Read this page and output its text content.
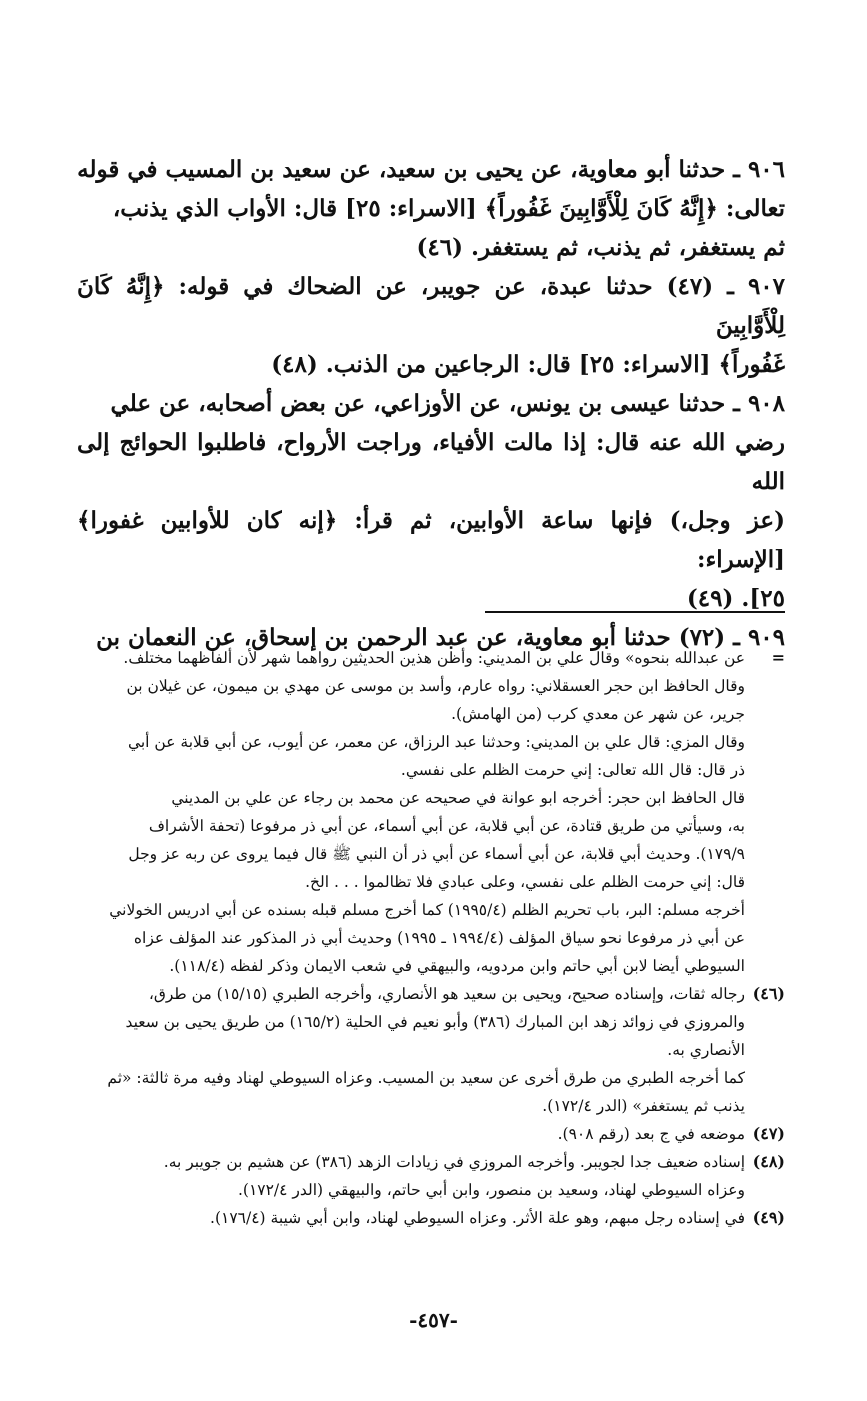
٩٠٦ ـ حدثنا أبو معاوية، عن يحيى بن سعيد، عن سعيد بن المسيب في قوله

تعالى: ﴿إِنَّهُ كَانَ لِلْأَوَّابِينَ غَفُوراً﴾ [الاسراء: ٢٥] قال: الأواب الذي يذنب،

ثم يستغفر، ثم يذنب، ثم يستغفر. (٤٦)

٩٠٧ ـ (٤٧) حدثنا عبدة، عن جويبر، عن الضحاك في قوله: ﴿إِنَّهُ كَانَ لِلْأَوَّابِينَ

غَفُوراً﴾ [الاسراء: ٢٥] قال: الرجاعين من الذنب. (٤٨)

٩٠٨ ـ حدثنا عيسى بن يونس، عن الأوزاعي، عن بعض أصحابه، عن علي

رضي الله عنه قال: إذا مالت الأفياء، وراجت الأرواح، فاطلبوا الحوائج إلى الله

(عز وجل،) فإنها ساعة الأوابين، ثم قرأ: ﴿إنه كان للأوابين غفورا﴾ [الإسراء:

٢٥]. (٤٩)

٩٠٩ ـ (٧٢) حدثنا أبو معاوية، عن عبد الرحمن بن إسحاق، عن النعمان بن

=

عن عبدالله بنحوه» وقال علي بن المديني: وأظن هذين الحديثين رواهما شهر لأن ألفاظهما مختلف.

وقال الحافظ ابن حجر العسقلاني: رواه عارم، وأسد بن موسى عن مهدي بن ميمون، عن غيلان بن

جرير، عن شهر عن معدي كرب (من الهامش).

وقال المزي: قال علي بن المديني: وحدثنا عبد الرزاق، عن معمر، عن أيوب، عن أبي قلابة عن أبي

ذر قال: قال الله تعالى: إني حرمت الظلم على نفسي.

قال الحافظ ابن حجر: أخرجه ابو عوانة في صحيحه عن محمد بن رجاء عن علي بن المديني

به، وسيأتي من طريق قتادة، عن أبي قلابة، عن أبي أسماء، عن أبي ذر مرفوعا (تحفة الأشراف

١٧٩/٩). وحديث أبي قلابة، عن أبي أسماء عن أبي ذر أن النبي ﷺ قال فيما يروى عن ربه عز وجل

قال: إني حرمت الظلم على نفسي، وعلى عبادي فلا تظالموا . . . الخ.

أخرجه مسلم: البر، باب تحريم الظلم (١٩٩٥/٤) كما أخرج مسلم قبله بسنده عن أبي ادريس الخولاني

عن أبي ذر مرفوعا نحو سياق المؤلف (١٩٩٤/٤ ـ ١٩٩٥) وحديث أبي ذر المذكور عند المؤلف عزاه

السيوطي أيضا لابن أبي حاتم وابن مردويه، والبيهقي في شعب الايمان وذكر لفظه (١١٨/٤).

(٤٦)

رجاله ثقات، وإسناده صحيح، ويحيى بن سعيد هو الأنصاري، وأخرجه الطبري (١٥/١٥) من طرق،

والمروزي في زوائد زهد ابن المبارك (٣٨٦) وأبو نعيم في الحلية (١٦٥/٢) من طريق يحيى بن سعيد

الأنصاري به.

كما أخرجه الطبري من طرق أخرى عن سعيد بن المسيب. وعزاه السيوطي لهناد وفيه مرة ثالثة: «ثم

يذنب ثم يستغفر» (الدر ١٧٢/٤).

(٤٧)

موضعه في ج بعد (رقم ٩٠٨).

(٤٨)

إسناده ضعيف جدا لجويبر. وأخرجه المروزي في زيادات الزهد (٣٨٦) عن هشيم بن جويبر به.

وعزاه السيوطي لهناد، وسعيد بن منصور، وابن أبي حاتم، والبيهقي (الدر ١٧٢/٤).

(٤٩)

في إسناده رجل مبهم، وهو علة الأثر. وعزاه السيوطي لهناد، وابن أبي شيبة (١٧٦/٤).

-٤٥٧-
